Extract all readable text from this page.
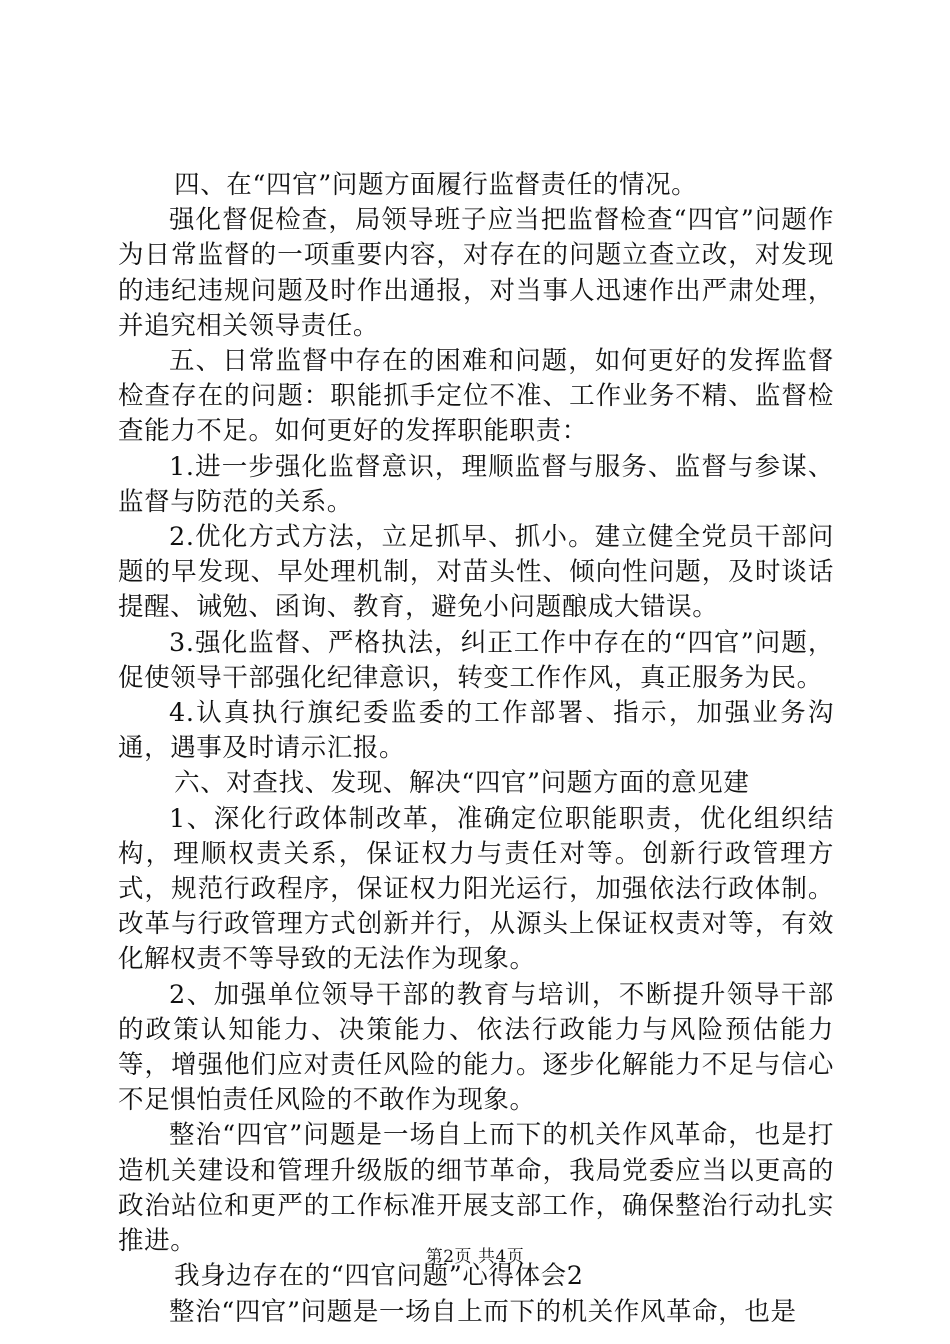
四、在“四官”问题方面履行监督责任的情况。

强化督促检查，局领导班子应当把监督检查“四官”问题作为日常监督的一项重要内容，对存在的问题立查立改，对发现的违纪违规问题及时作出通报，对当事人迅速作出严肃处理，并追究相关领导责任。

五、日常监督中存在的困难和问题，如何更好的发挥监督检查存在的问题：职能抓手定位不准、工作业务不精、监督检查能力不足。如何更好的发挥职能职责：

1.进一步强化监督意识，理顺监督与服务、监督与参谋、监督与防范的关系。

2.优化方式方法，立足抓早、抓小。建立健全党员干部问题的早发现、早处理机制，对苗头性、倾向性问题，及时谈话提醒、诫勉、函询、教育，避免小问题酿成大错误。

3.强化监督、严格执法，纠正工作中存在的“四官”问题，促使领导干部强化纪律意识，转变工作作风，真正服务为民。

4.认真执行旗纪委监委的工作部署、指示，加强业务沟通，遇事及时请示汇报。

六、对查找、发现、解决“四官”问题方面的意见建

1、深化行政体制改革，准确定位职能职责，优化组织结构，理顺权责关系，保证权力与责任对等。创新行政管理方式，规范行政程序，保证权力阳光运行，加强依法行政体制。改革与行政管理方式创新并行，从源头上保证权责对等，有效化解权责不等导致的无法作为现象。

2、加强单位领导干部的教育与培训，不断提升领导干部的政策认知能力、决策能力、依法行政能力与风险预估能力等，增强他们应对责任风险的能力。逐步化解能力不足与信心不足惧怕责任风险的不敢作为现象。

整治“四官”问题是一场自上而下的机关作风革命，也是打造机关建设和管理升级版的细节革命，我局党委应当以更高的政治站位和更严的工作标准开展支部工作，确保整治行动扎实推进。

我身边存在的“四官问题”心得体会2

整治“四官”问题是一场自上而下的机关作风革命，也是

第2页 共4页
